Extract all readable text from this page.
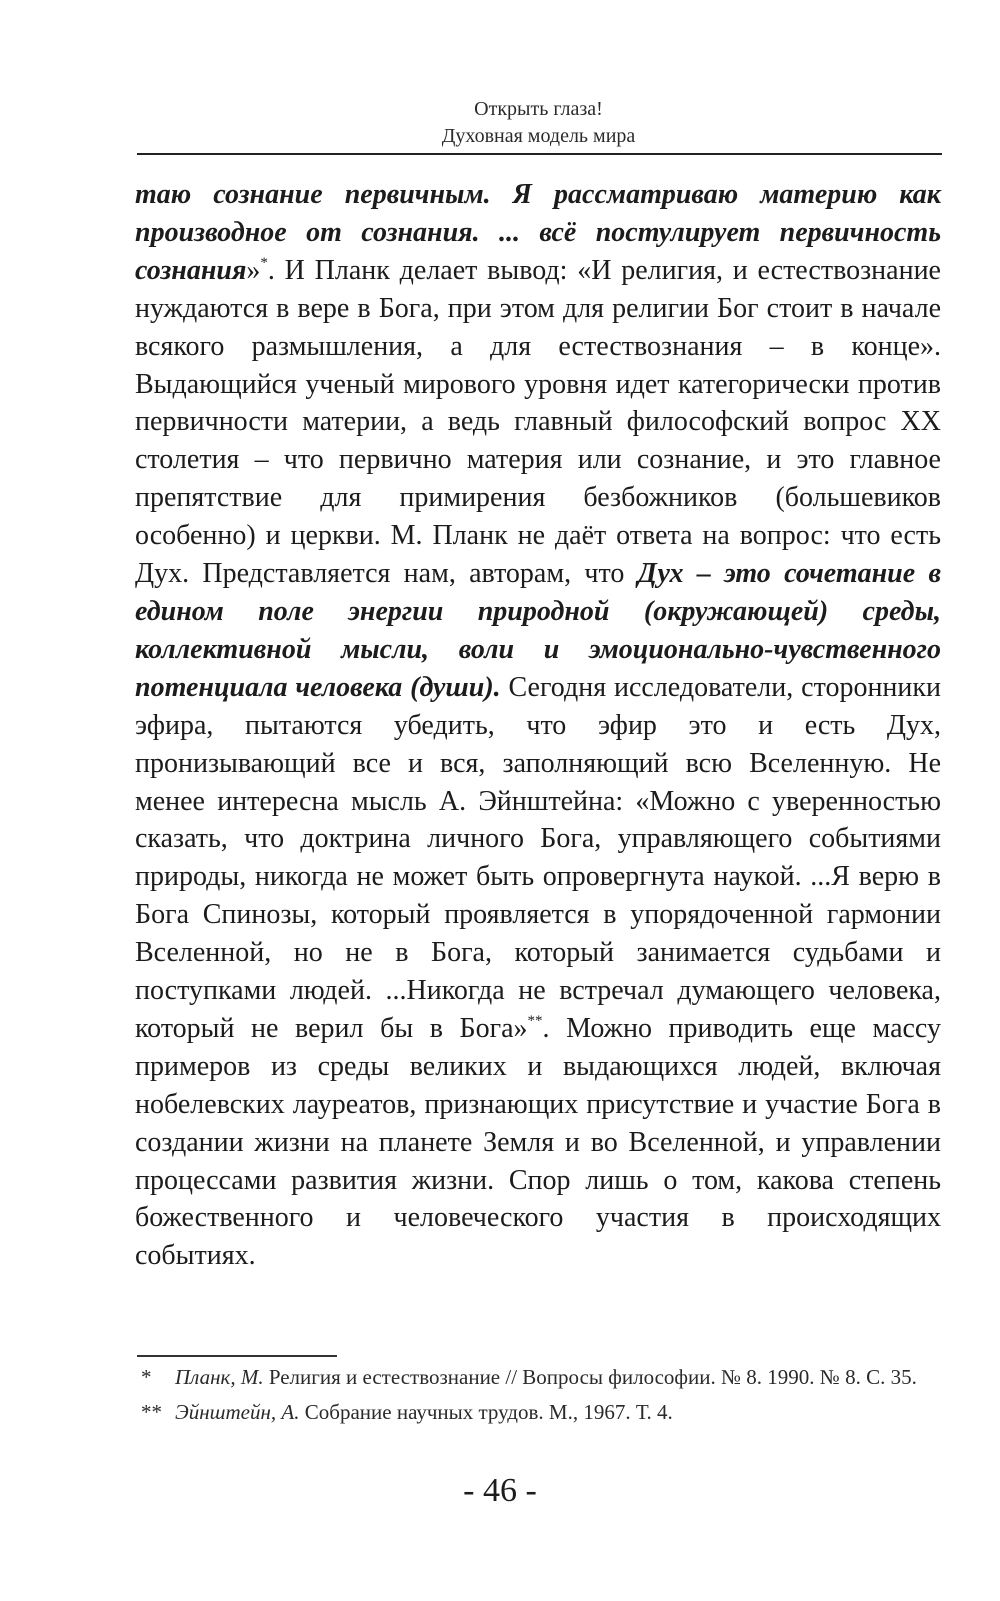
Открыть глаза!
Духовная модель мира

таю сознание первичным. Я рассматриваю материю как производное от сознания. ... всё постулирует первичность сознания»*. И Планк делает вывод: «И религия, и естествознание нуждаются в вере в Бога, при этом для религии Бог стоит в начале всякого размышления, а для естествознания – в конце». Выдающийся ученый мирового уровня идет категорически против первичности материи, а ведь главный философский вопрос XX столетия – что первично материя или сознание, и это главное препятствие для примирения безбожников (большевиков особенно) и церкви. М. Планк не даёт ответа на вопрос: что есть Дух. Представляется нам, авторам, что Дух – это сочетание в едином поле энергии природной (окружающей) среды, коллективной мысли, воли и эмоционально-чувственного потенциала человека (души). Сегодня исследователи, сторонники эфира, пытаются убедить, что эфир это и есть Дух, пронизывающий все и вся, заполняющий всю Вселенную. Не менее интересна мысль А. Эйнштейна: «Можно с уверенностью сказать, что доктрина личного Бога, управляющего событиями природы, никогда не может быть опровергнута наукой. ...Я верю в Бога Спинозы, который проявляется в упорядоченной гармонии Вселенной, но не в Бога, который занимается судьбами и поступками людей. ...Никогда не встречал думающего человека, который не верил бы в Бога»**. Можно приводить еще массу примеров из среды великих и выдающихся людей, включая нобелевских лауреатов, признающих присутствие и участие Бога в создании жизни на планете Земля и во Вселенной, и управлении процессами развития жизни. Спор лишь о том, какова степень божественного и человеческого участия в происходящих событиях.

* Планк, М. Религия и естествознание // Вопросы философии. № 8. 1990. № 8. С. 35.

** Эйнштейн, А. Собрание научных трудов. М., 1967. Т. 4.

- 46 -
